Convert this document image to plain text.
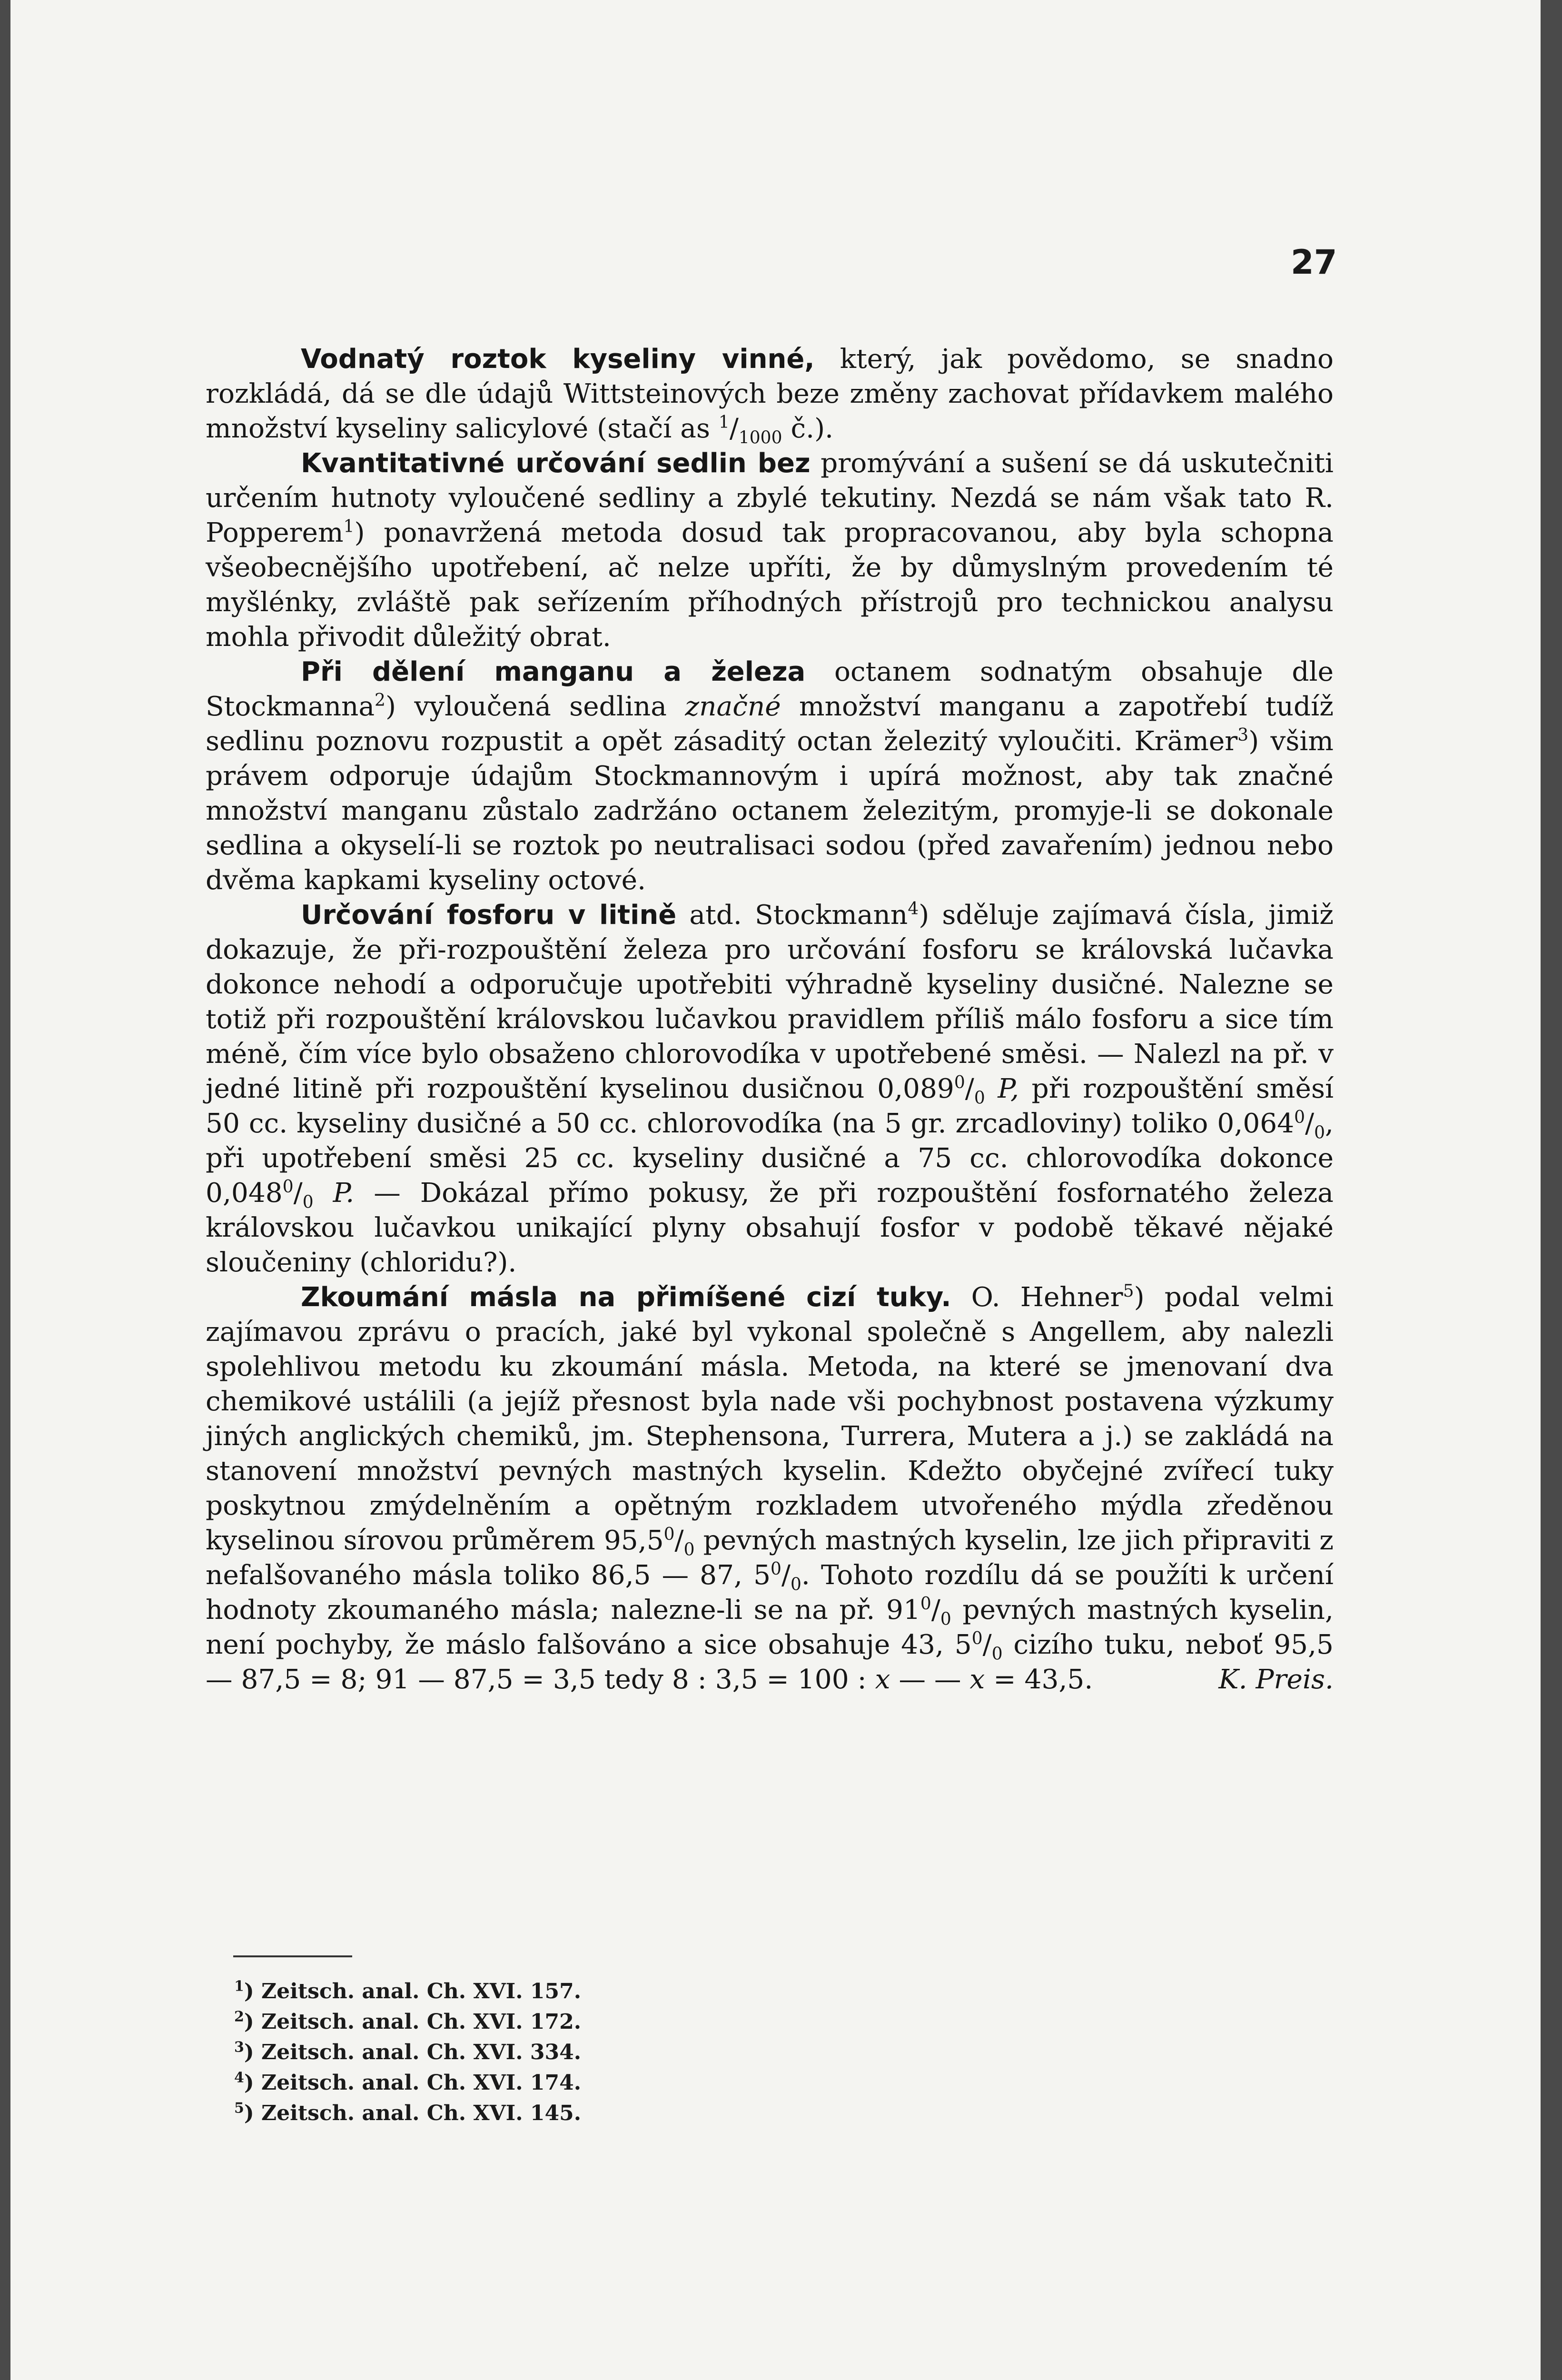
27

Vodnatý roztok kyseliny vinné, který, jak povědomo, se snadno rozkládá, dá se dle údajů Wittsteinových beze změny zachovat přídavkem malého množství kyseliny salicylové (stačí as $^1/_{1000}$ č.).

Kvantitativné určování sedlin bez promývání a sušení se dá uskutečniti určením hutnoty vyloučené sedliny a zbylé tekutiny. Nezdá se nám však tato R. Popperem$^1$) ponavržená metoda dosud tak propracovanou, aby byla schopna všeobecnějšího upotřebení, ač nelze upříti, že by důmyslným provedením té myšlénky, zvláště pak seřízením příhodných přístrojů pro technickou analysu mohla přivodit důležitý obrat.

Při dělení manganu a železa octanem sodnatým obsahuje dle Stockmanna$^2$) vyloučená sedlina značné množství manganu a zapotřebí tudíž sedlinu poznovu rozpustit a opět zásaditý octan železitý vyloučiti. Krämer$^3$) všim právem odporuje údajům Stockmannovým i upírá možnost, aby tak značné množství manganu zůstalo zadržáno octanem železitým, promyje-li se dokonale sedlina a okyselí-li se roztok po neutralisaci sodou (před zavařením) jednou nebo dvěma kapkami kyseliny octové.

Určování fosforu v litině atd. Stockmann$^4$) sděluje zajímavá čísla, jimiž dokazuje, že při-rozpouštění železa pro určování fosforu se královská lučavka dokonce nehodí a odporučuje upotřebiti výhradně kyseliny dusičné. Nalezne se totiž při rozpouštění královskou lučavkou pravidlem příliš málo fosforu a sice tím méně, čím více bylo obsaženo chlorovodíka v upotřebené směsi. — Nalezl na př. v jedné litině při rozpouštění kyselinou dusičnou $0,089^0/_0$ P, při rozpouštění směsí 50 cc. kyseliny dusičné a 50 cc. chlorovodíka (na 5 gr. zrcadloviny) toliko $0,064^0/_0$, při upotřebení směsi 25 cc. kyseliny dusičné a 75 cc. chlorovodíka dokonce $0,048^0/_0$ P. — Dokázal přímo pokusy, že při rozpouštění fosfornatého železa královskou lučavkou unikající plyny obsahují fosfor v podobě těkavé nějaké sloučeniny (chloridu?).

Zkoumání másla na přimíšené cizí tuky. O. Hehner$^5$) podal velmi zajímavou zprávu o pracích, jaké byl vykonal společně s Angellem, aby nalezli spolehlivou metodu ku zkoumání másla. Metoda, na které se jmenovaní dva chemikové ustálili (a jejíž přesnost byla nade vši pochybnost postavena výzkumy jiných anglických chemiků, jm. Stephensona, Turrera, Mutera a j.) se zakládá na stanovení množství pevných mastných kyselin. Kdežto obyčejné zvířecí tuky poskytnou zmýdelněním a opětným rozkladem utvořeného mýdla zředěnou kyselinou sírovou průměrem $95,5^0/_0$ pevných mastných kyselin, lze jich připraviti z nefalšovaného másla toliko 86,5 — 87, $5^0/_0$. Tohoto rozdílu dá se použíti k určení hodnoty zkoumaného másla; nalezne-li se na př. $91^0/_0$ pevných mastných kyselin, není pochyby, že máslo falšováno a sice obsahuje 43, $5^0/_0$ cizího tuku, neboť 95,5 — 87,5 = 8; 91 — 87,5 = 3,5 tedy 8 : 3,5 = 100 : x — — x = 43,5.	K. Preis.

$^1$) Zeitsch. anal. Ch. XVI. 157.
$^2$) Zeitsch. anal. Ch. XVI. 172.
$^3$) Zeitsch. anal. Ch. XVI. 334.
$^4$) Zeitsch. anal. Ch. XVI. 174.
$^5$) Zeitsch. anal. Ch. XVI. 145.
